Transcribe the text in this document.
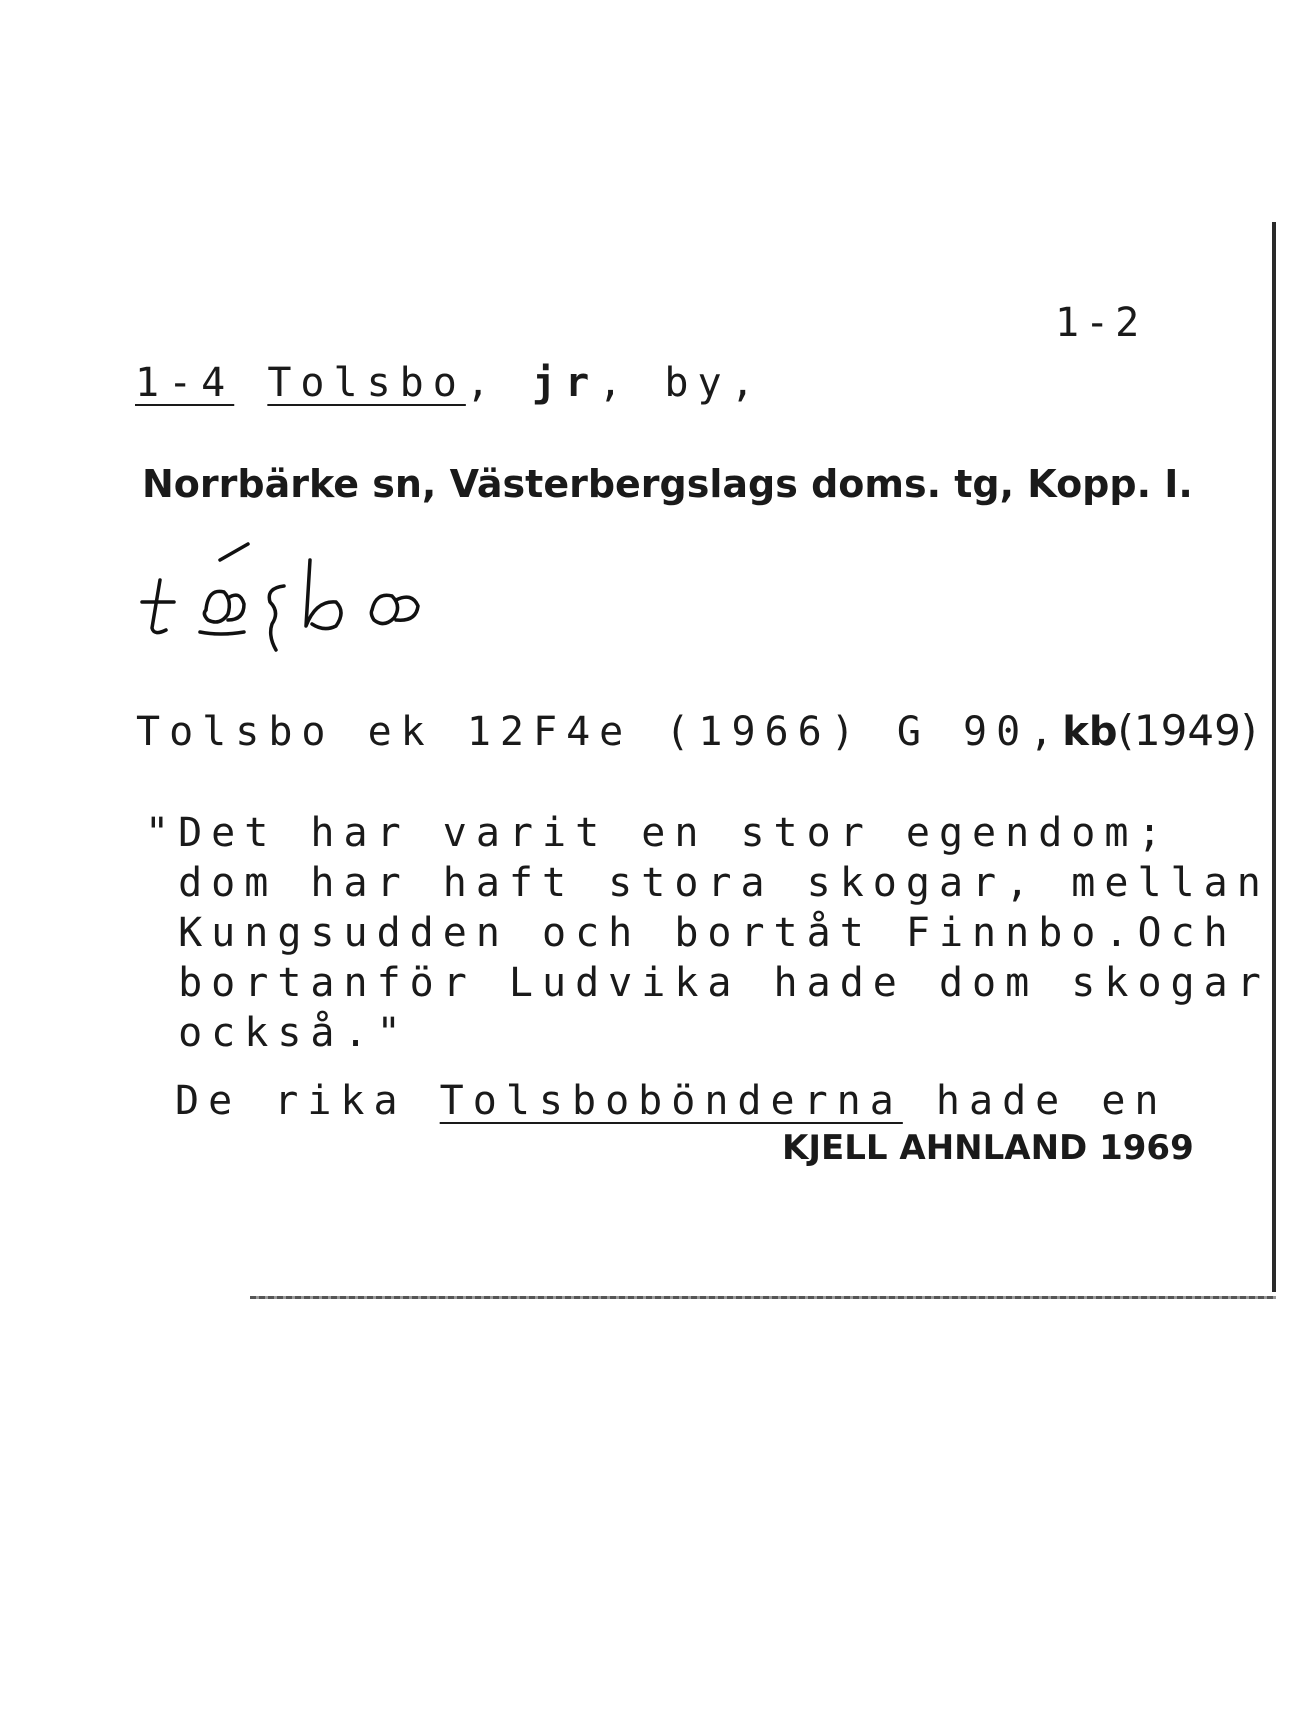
1-2
1-4 Tolsbo, jr, by,
Norrbärke sn, Västerbergslags doms. tg, Kopp. I.
Tolsbo ek 12F4e (1966) G 90,kb(1949)
"Det har varit en stor egendom;
dom har haft stora skogar, mellan
Kungsudden och bortåt Finnbo.Och
bortanför Ludvika hade dom skogar
också."
De rika Tolsbobönderna hade en
KJELL AHNLAND 1969
